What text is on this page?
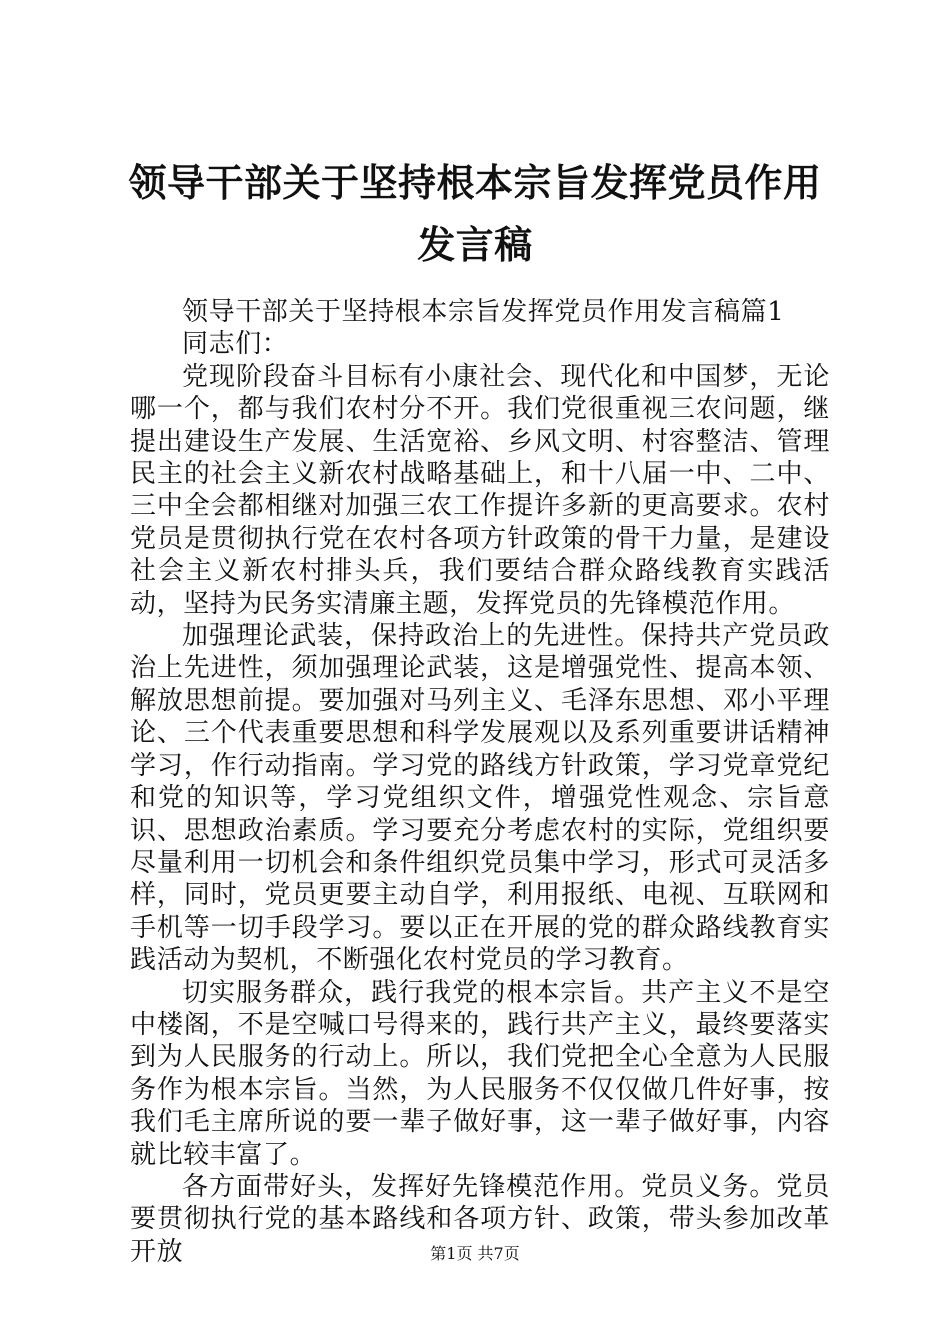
领导干部关于坚持根本宗旨发挥党员作用发言稿

领导干部关于坚持根本宗旨发挥党员作用发言稿篇1

同志们：

党现阶段奋斗目标有小康社会、现代化和中国梦，无论哪一个，都与我们农村分不开。我们党很重视三农问题，继提出建设生产发展、生活宽裕、乡风文明、村容整洁、管理民主的社会主义新农村战略基础上，和十八届一中、二中、三中全会都相继对加强三农工作提许多新的更高要求。农村党员是贯彻执行党在农村各项方针政策的骨干力量，是建设社会主义新农村排头兵，我们要结合群众路线教育实践活动，坚持为民务实清廉主题，发挥党员的先锋模范作用。

加强理论武装，保持政治上的先进性。保持共产党员政治上先进性，须加强理论武装，这是增强党性、提高本领、解放思想前提。要加强对马列主义、毛泽东思想、邓小平理论、三个代表重要思想和科学发展观以及系列重要讲话精神学习，作行动指南。学习党的路线方针政策，学习党章党纪和党的知识等，学习党组织文件，增强党性观念、宗旨意识、思想政治素质。学习要充分考虑农村的实际，党组织要尽量利用一切机会和条件组织党员集中学习，形式可灵活多样，同时，党员更要主动自学，利用报纸、电视、互联网和手机等一切手段学习。要以正在开展的党的群众路线教育实践活动为契机，不断强化农村党员的学习教育。

切实服务群众，践行我党的根本宗旨。共产主义不是空中楼阁，不是空喊口号得来的，践行共产主义，最终要落实到为人民服务的行动上。所以，我们党把全心全意为人民服务作为根本宗旨。当然，为人民服务不仅仅做几件好事，按我们毛主席所说的要一辈子做好事，这一辈子做好事，内容就比较丰富了。

各方面带好头，发挥好先锋模范作用。党员义务。党员要贯彻执行党的基本路线和各项方针、政策，带头参加改革开放	第1页 共7页
